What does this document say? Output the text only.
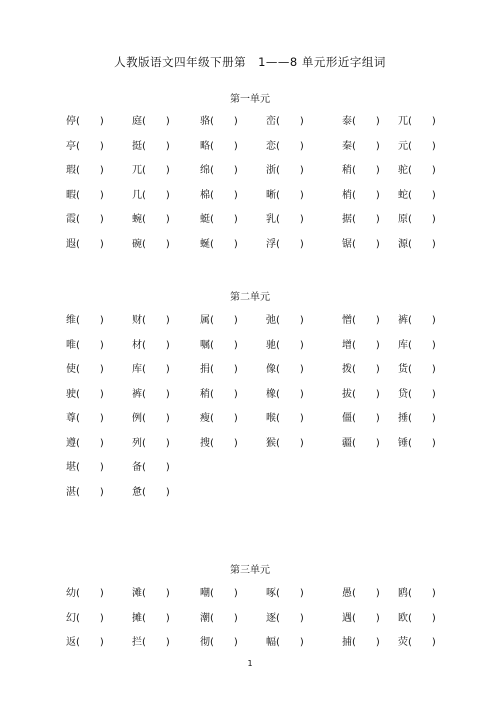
人教版语文四年级下册第　1——8 单元形近字组词
第一单元
停(　　)	庭(　　)	骆(　　)	峦(　　)	泰(　　) 兀(　　)
亭(　　)	挺(　　)	略(　　)	恋(　　)	秦(　　) 元(　　)
瑕(　　)	兀(　　)	绵(　　)	浙(　　)	稍(　　) 驼(　　)
暇(　　)	几(　　)	棉(　　)	晰(　　)	梢(　　) 蛇(　　)
霞(　　)	蜿(　　)	蜓(　　)	乳(　　)	据(　　) 原(　　)
遐(　　)	碗(　　)	蜒(　　)	浮(　　)	锯(　　) 源(　　)
第二单元
维(　　)	财(　　)	属(　　)	弛(　　)	憎(　　) 裤(　　)
唯(　　)	材(　　)	嘱(　　)	驰(　　)	增(　　) 库(　　)
使(　　)	库(　　)	捐(　　)	像(　　)	拨(　　) 货(　　)
驶(　　)	裤(　　)	稍(　　)	橡(　　)	拔(　　) 贷(　　)
尊(　　)	例(　　)	瘦(　　)	喉(　　)	僵(　　) 捶(　　)
遵(　　)	列(　　)	搜(　　)	猴(　　)	疆(　　) 锤(　　)
堪(　　)	备(　　)
湛(　　)	惫(　　)
第三单元
幼(　　)	滩(　　)	嘲(　　)	啄(　　)	愚(　　) 鸥(　　)
幻(　　)	摊(　　)	潮(　　)	逐(　　)	遇(　　) 欧(　　)
返(　　)	拦(　　)	彻(　　)	幅(　　)	捕(　　) 荧(　　)
1
